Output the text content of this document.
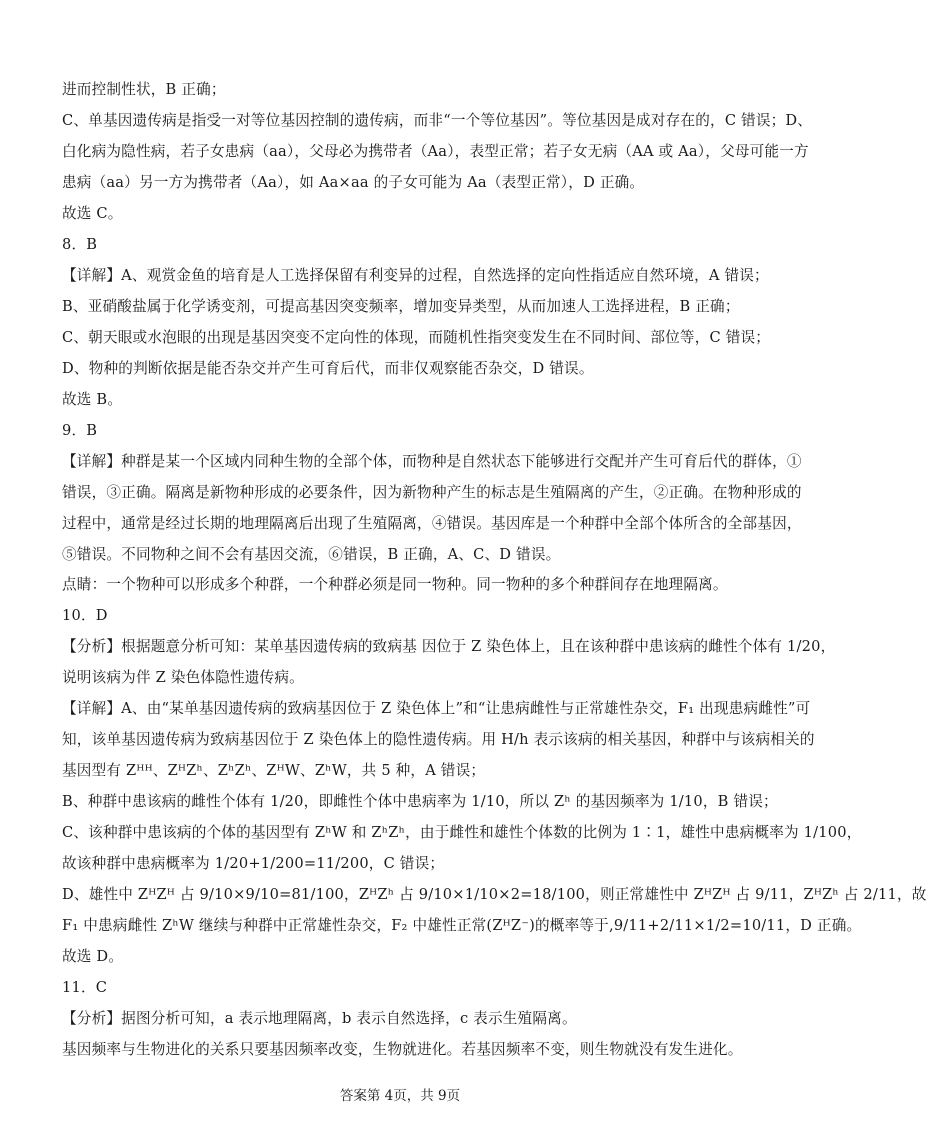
进而控制性状，B 正确；
C、单基因遗传病是指受一对等位基因控制的遗传病，而非“一个等位基因”。等位基因是成对存在的，C 错误；D、
白化病为隐性病，若子女患病（aa），父母必为携带者（Aa），表型正常；若子女无病（AA 或 Aa），父母可能一方
患病（aa）另一方为携带者（Aa），如 Aa×aa 的子女可能为 Aa（表型正常），D 正确。
故选 C。
8．B
【详解】A、观赏金鱼的培育是人工选择保留有利变异的过程，自然选择的定向性指适应自然环境，A 错误；
B、亚硝酸盐属于化学诱变剂，可提高基因突变频率，增加变异类型，从而加速人工选择进程，B 正确；
C、朝天眼或水泡眼的出现是基因突变不定向性的体现，而随机性指突变发生在不同时间、部位等，C 错误；
D、物种的判断依据是能否杂交并产生可育后代，而非仅观察能否杂交，D 错误。
故选 B。
9．B
【详解】种群是某一个区域内同种生物的全部个体，而物种是自然状态下能够进行交配并产生可育后代的群体，①
错误，③正确。隔离是新物种形成的必要条件，因为新物种产生的标志是生殖隔离的产生，②正确。在物种形成的
过程中，通常是经过长期的地理隔离后出现了生殖隔离，④错误。基因库是一个种群中全部个体所含的全部基因，
⑤错误。不同物种之间不会有基因交流，⑥错误，B 正确，A、C、D 错误。
点睛：一个物种可以形成多个种群，一个种群必须是同一物种。同一物种的多个种群间存在地理隔离。
10．D
【分析】根据题意分析可知：某单基因遗传病的致病基 因位于 Z 染色体上，且在该种群中患该病的雌性个体有 1/20，
说明该病为伴 Z 染色体隐性遗传病。
【详解】A、由“某单基因遗传病的致病基因位于 Z 染色体上”和“让患病雌性与正常雄性杂交，F₁ 出现患病雌性”可
知，该单基因遗传病为致病基因位于 Z 染色体上的隐性遗传病。用 H/h 表示该病的相关基因，种群中与该病相关的
基因型有 Zᴴᴴ、ZᴴZʰ、ZʰZʰ、ZᴴW、ZʰW，共 5 种，A 错误；
B、种群中患该病的雌性个体有 1/20，即雌性个体中患病率为 1/10，所以 Zʰ 的基因频率为 1/10，B 错误；
C、该种群中患该病的个体的基因型有 ZʰW 和 ZʰZʰ，由于雌性和雄性个体数的比例为 1∶1，雄性中患病概率为 1/100，
故该种群中患病概率为 1/20+1/200=11/200，C 错误；
D、雄性中 ZᴴZᴴ 占 9/10×9/10=81/100，ZᴴZʰ 占 9/10×1/10×2=18/100，则正常雄性中 ZᴴZᴴ 占 9/11，ZᴴZʰ 占 2/11，故
F₁ 中患病雌性 ZʰW 继续与种群中正常雄性杂交，F₂ 中雄性正常(ZᴴZ⁻)的概率等于,9/11+2/11×1/2=10/11，D 正确。
故选 D。
11．C
【分析】据图分析可知，a 表示地理隔离，b 表示自然选择，c 表示生殖隔离。
答案第 4页，共 9页
基因频率与生物进化的关系只要基因频率改变，生物就进化。若基因频率不变，则生物就没有发生进化。
